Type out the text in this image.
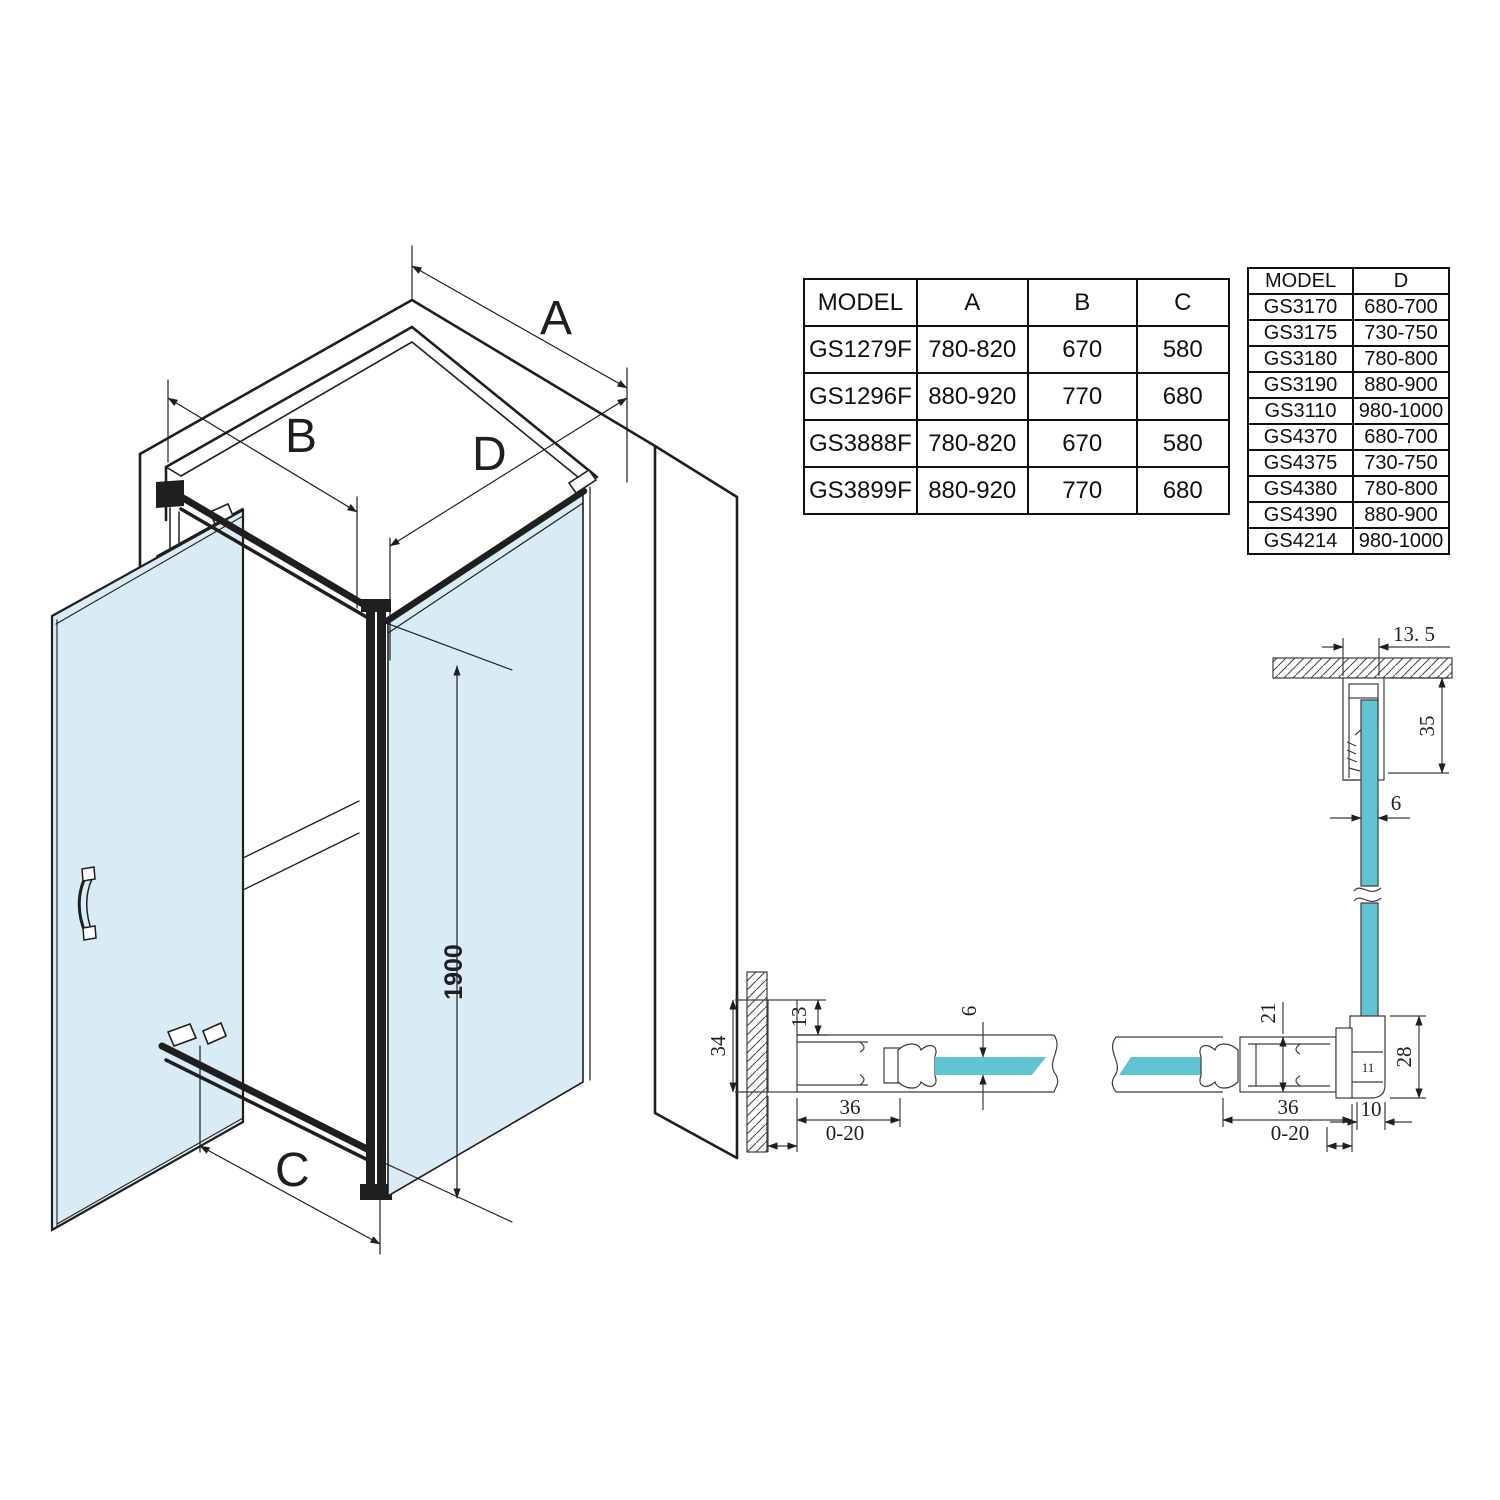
A
B
C
D
1900
13. 5
35
6
34
13	6
36
0-20
21
36
0-20
28
10
11
MODEL	A	B	C
GS1279F	780-820	670	580
GS1296F	880-920	770	680
GS3888F	780-820	670	580
GS3899F	880-920	770	680
MODEL	D
GS3170	680-700
GS3175	730-750
GS3180	780-800
GS3190	880-900
GS3110	980-1000
GS4370	680-700
GS4375	730-750
GS4380	780-800
GS4390	880-900
GS4214	980-1000
